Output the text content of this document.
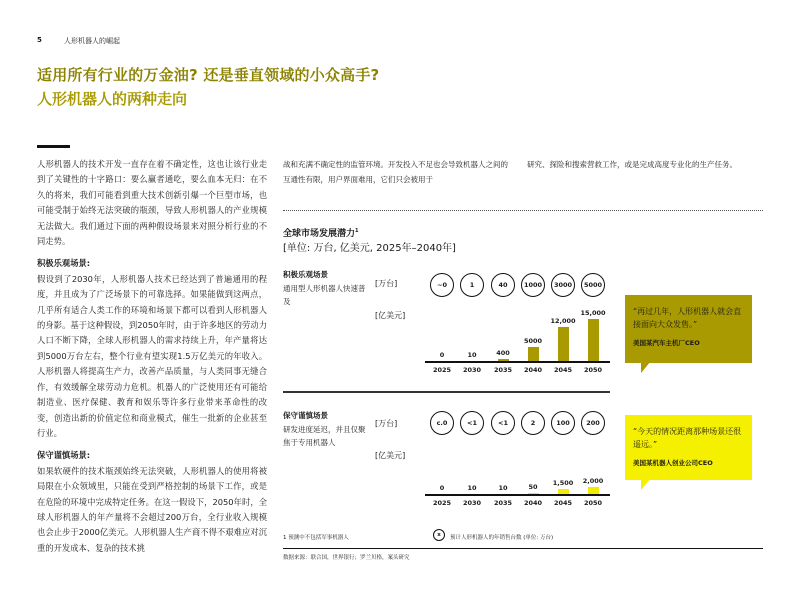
5	人形机器人的崛起
适用所有行业的万金油? 还是垂直领域的小众高手?
人形机器人的两种走向

人形机器人的技术开发一直存在着不确定性，这也让该行业走到了关键性的十字路口：要么赢者通吃，要么血本无归：在不久的将来，我们可能看到重大技术创新引爆一个巨型市场，也可能受制于始终无法突破的瓶颈，导致人形机器人的产业规模无法做大。我们通过下面的两种假设场景来对照分析行业的不同走势。

积极乐观场景:

假设到了2030年，人形机器人技术已经达到了普遍通用的程度，并且成为了广泛场景下的可靠选择。如果能做到这两点，几乎所有适合人类工作的环境和场景下都可以看到人形机器人的身影。基于这种假设，到2050年时，由于许多地区的劳动力人口不断下降，全球人形机器人的需求持续上升，年产量将达到5000万台左右，整个行业有望实现1.5万亿美元的年收入。人形机器人将提高生产力，改善产品质量，与人类同事无缝合作，有效缓解全球劳动力危机。机器人的广泛使用还有可能给制造业、医疗保健、教育和娱乐等许多行业带来革命性的改变，创造出新的价值定位和商业模式，催生一批新的企业甚至行业。

保守谨慎场景:

如果软硬件的技术瓶颈始终无法突破，人形机器人的使用将被局限在小众领域里，只能在受到严格控制的场景下工作，或是在危险的环境中完成特定任务。在这一假设下，2050年时，全球人形机器人的年产量将不会超过200万台，全行业收入规模也会止步于2000亿美元。人形机器人生产商不得不艰难应对沉重的开发成本、复杂的技术挑

战和充满不确定性的监管环境。开发投入不足也会导致机器人之间的互通性有限，用户界面难用，它们只会被用于
研究、探险和搜索营救工作，或是完成高度专业化的生产任务。
全球市场发展潜力$^1$
[单位: 万台, 亿美元, 2025年–2040年]
积极乐观场景
通用型人形机器人快速普及
[万台]
[亿美元]
~0	1	40	1000	3000	5000
0
2025
10
2030
400
2035
5000
2040
12,000
2045
15,000
2050
“再过几年，人形机器人就会直接面向大众发售。”
美国某汽车主机厂CEO
保守谨慎场景
研发进度延迟，并且仅聚焦于专用机器人
[万台]
[亿美元]
c.0	<1	<1	2	100	200
0
2025
10
2030
10
2035
50
2040
1,500
2045
2,000
2050
“今天的情况距离那种场景还很遥远。”
美国某机器人创业公司CEO
1 预测中不包括军事机器人	x	预计人形机器人的年销售台数 (单位: 万台)
数据来源：联合国，世界银行；罗兰贝格，案头研究
